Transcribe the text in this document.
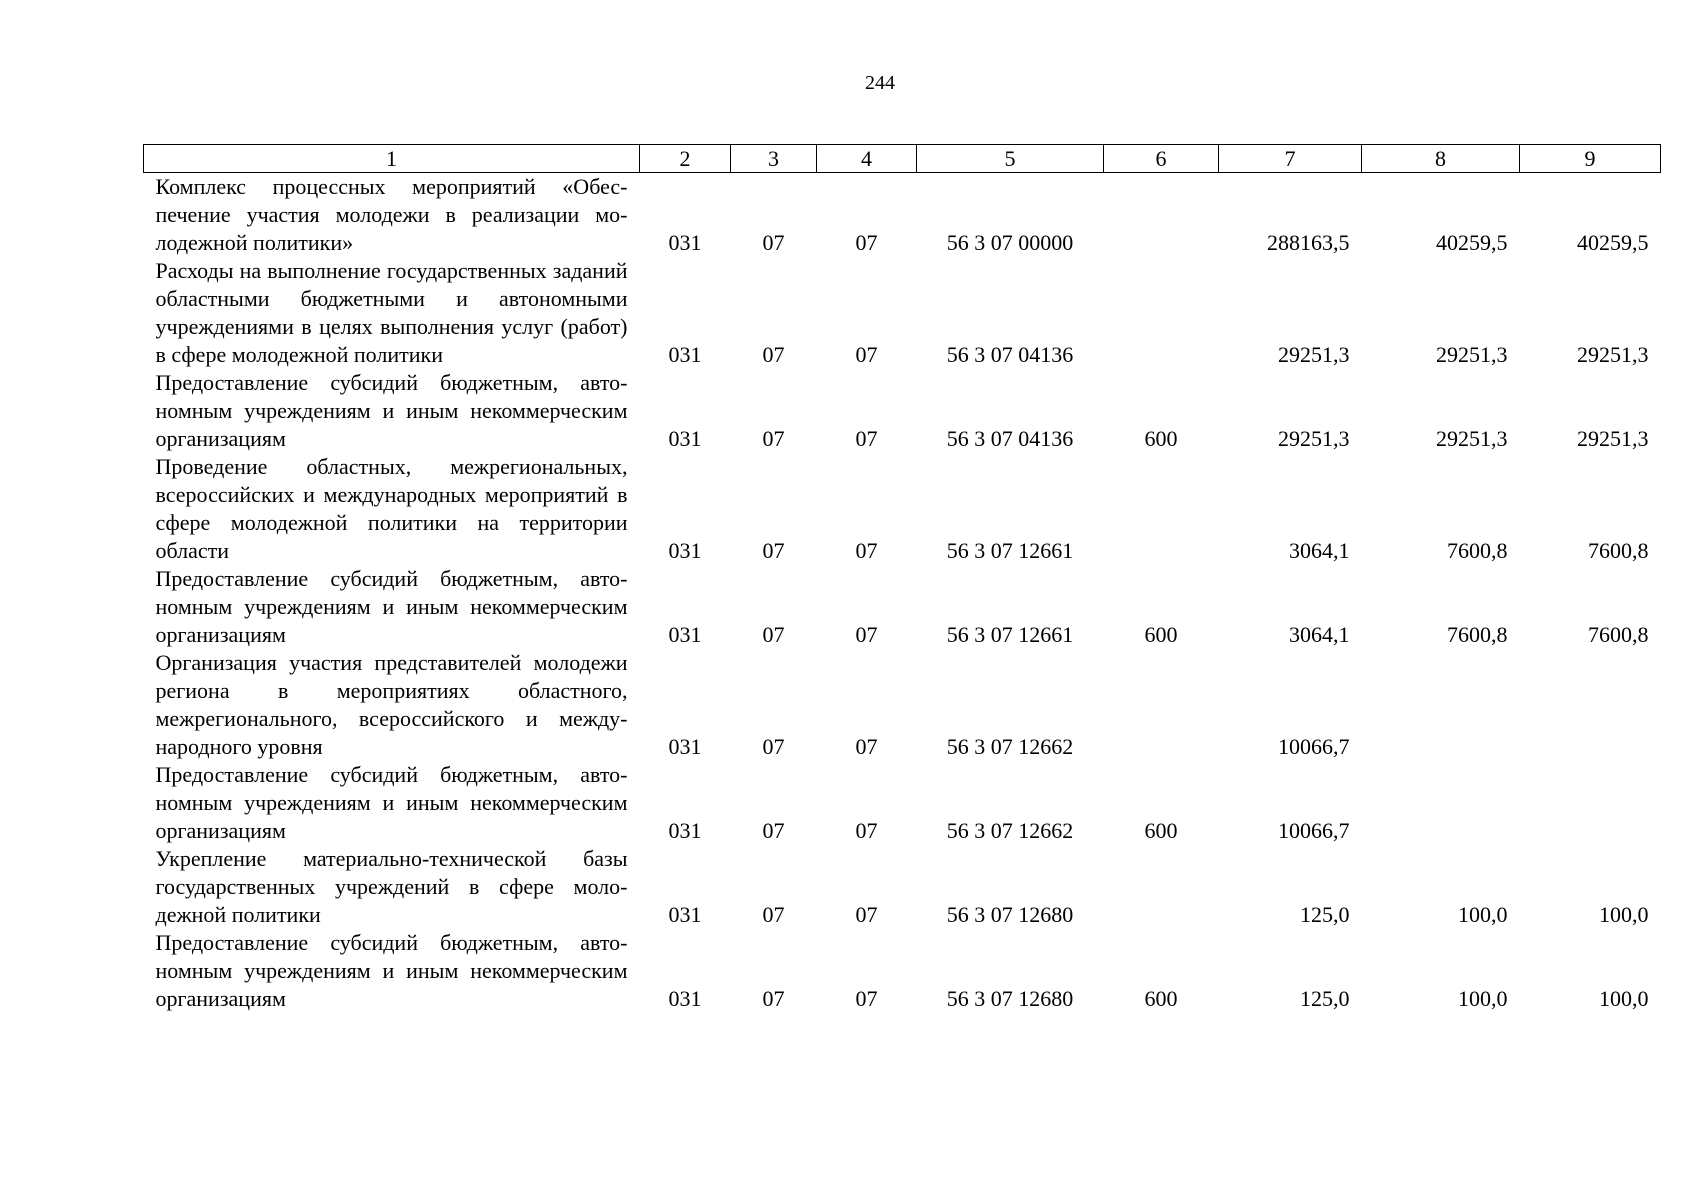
244
1	2	3	4	5	6	7	8	9
Комплекс процессных мероприятий «Обеспечение участия молодежи в реализации молодежной политики»	031	07	07	56 3 07 00000		288163,5	40259,5	40259,5
Расходы на выполнение государственных заданий областными бюджетными и автономными учреждениями в целях выполнения услуг (работ) в сфере молодежной политики	031	07	07	56 3 07 04136		29251,3	29251,3	29251,3
Предоставление субсидий бюджетным, автономным учреждениям и иным некоммерческим организациям	031	07	07	56 3 07 04136	600	29251,3	29251,3	29251,3
Проведение областных, межрегиональных, всероссийских и международных мероприятий в сфере молодежной политики на территории области	031	07	07	56 3 07 12661		3064,1	7600,8	7600,8
Предоставление субсидий бюджетным, автономным учреждениям и иным некоммерческим организациям	031	07	07	56 3 07 12661	600	3064,1	7600,8	7600,8
Организация участия представителей молодежи региона в мероприятиях областного, межрегионального, всероссийского и международного уровня	031	07	07	56 3 07 12662		10066,7		
Предоставление субсидий бюджетным, автономным учреждениям и иным некоммерческим организациям	031	07	07	56 3 07 12662	600	10066,7		
Укрепление материально-технической базы государственных учреждений в сфере молодежной политики	031	07	07	56 3 07 12680		125,0	100,0	100,0
Предоставление субсидий бюджетным, автономным учреждениям и иным некоммерческим организациям	031	07	07	56 3 07 12680	600	125,0	100,0	100,0
